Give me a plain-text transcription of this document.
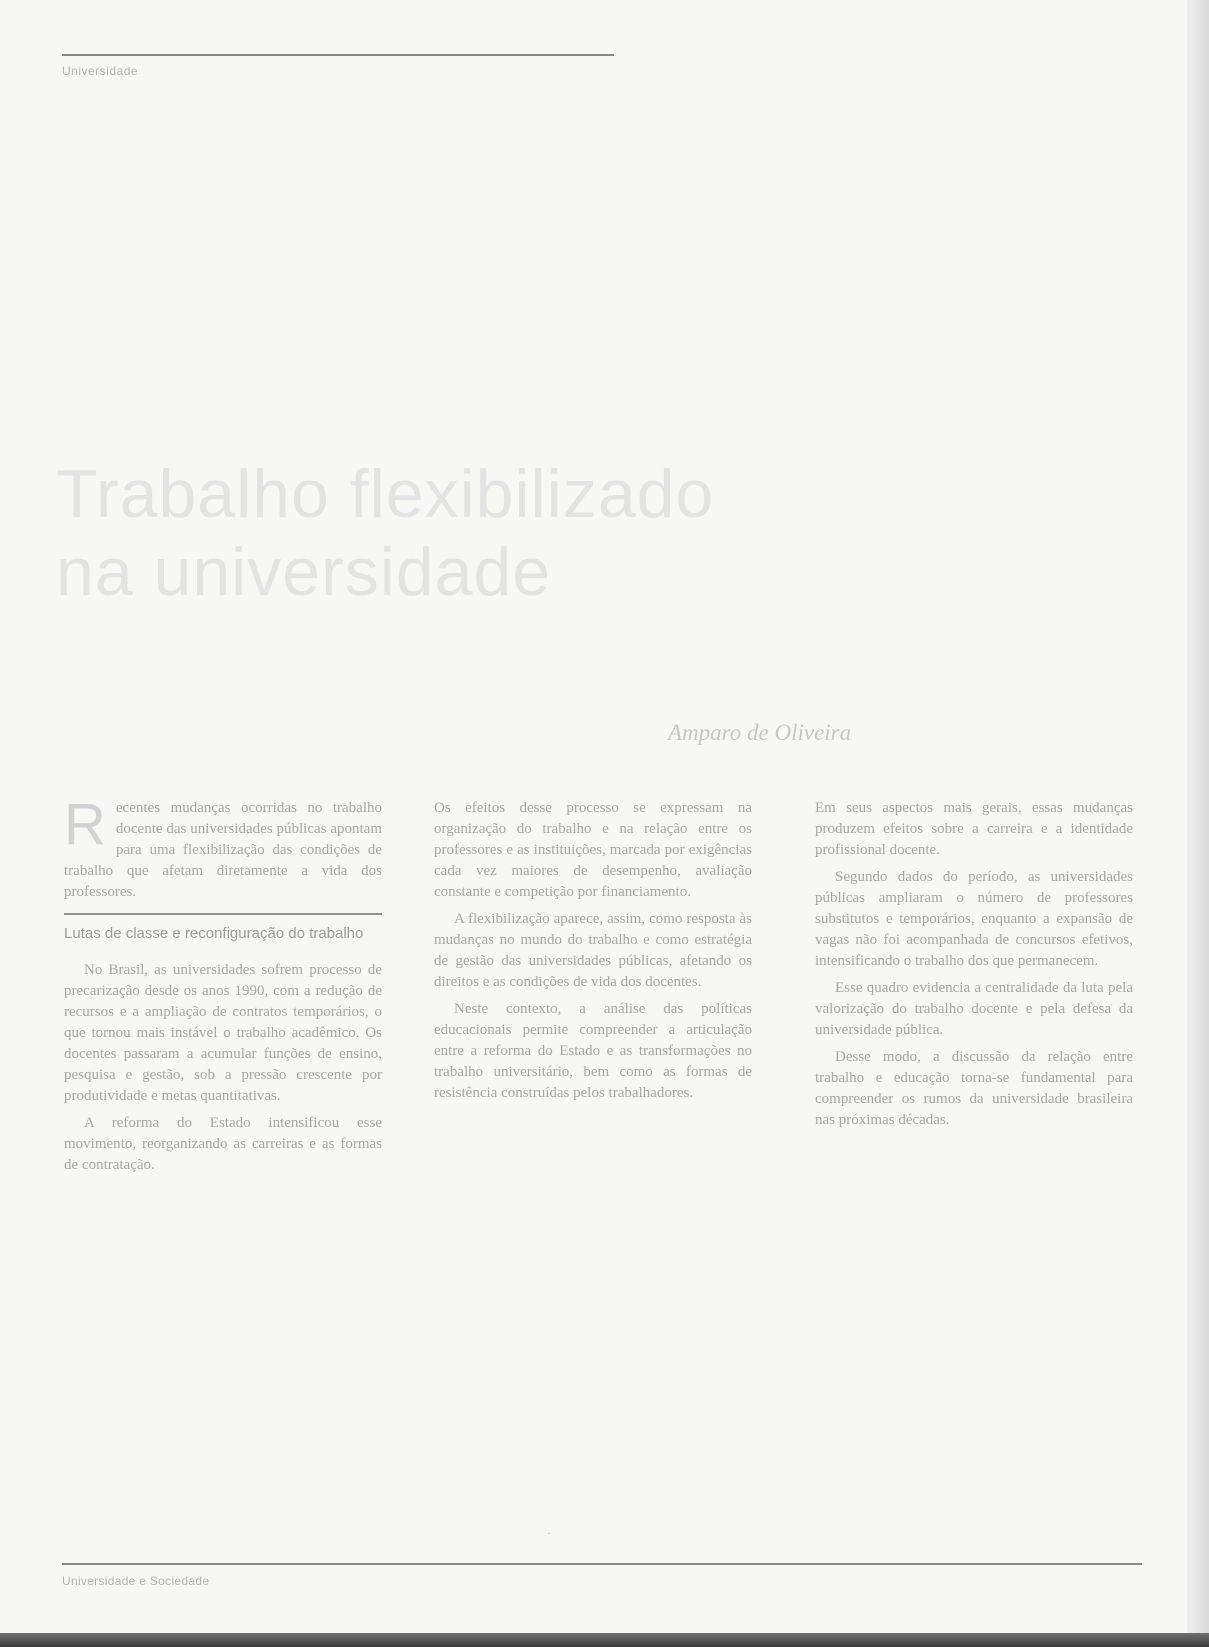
Universidade
Trabalho flexibilizado
na universidade
Amparo de Oliveira

Recentes mudanças ocorridas no trabalho docente das universidades públicas apontam para uma flexibilização das condições de trabalho que afetam diretamente a vida dos professores.

Lutas de classe e reconfiguração do trabalho

No Brasil, as universidades sofrem processo de precarização desde os anos 1990, com a redução de recursos e a ampliação de contratos temporários, o que tornou mais instável o trabalho acadêmico. Os docentes passaram a acumular funções de ensino, pesquisa e gestão, sob a pressão crescente por produtividade e metas quantitativas.

A reforma do Estado intensificou esse movimento, reorganizando as carreiras e as formas de contratação.

Os efeitos desse processo se expressam na organização do trabalho e na relação entre os professores e as instituições, marcada por exigências cada vez maiores de desempenho, avaliação constante e competição por financiamento.

A flexibilização aparece, assim, como resposta às mudanças no mundo do trabalho e como estratégia de gestão das universidades públicas, afetando os direitos e as condições de vida dos docentes.

Neste contexto, a análise das políticas educacionais permite compreender a articulação entre a reforma do Estado e as transformações no trabalho universitário, bem como as formas de resistência construídas pelos trabalhadores.

Em seus aspectos mais gerais, essas mudanças produzem efeitos sobre a carreira e a identidade profissional docente.

Segundo dados do período, as universidades públicas ampliaram o número de professores substitutos e temporários, enquanto a expansão de vagas não foi acompanhada de concursos efetivos, intensificando o trabalho dos que permanecem.

Esse quadro evidencia a centralidade da luta pela valorização do trabalho docente e pela defesa da universidade pública.

Desse modo, a discussão da relação entre trabalho e educação torna-se fundamental para compreender os rumos da universidade brasileira nas próximas décadas.

·
Universidade e Sociedade
